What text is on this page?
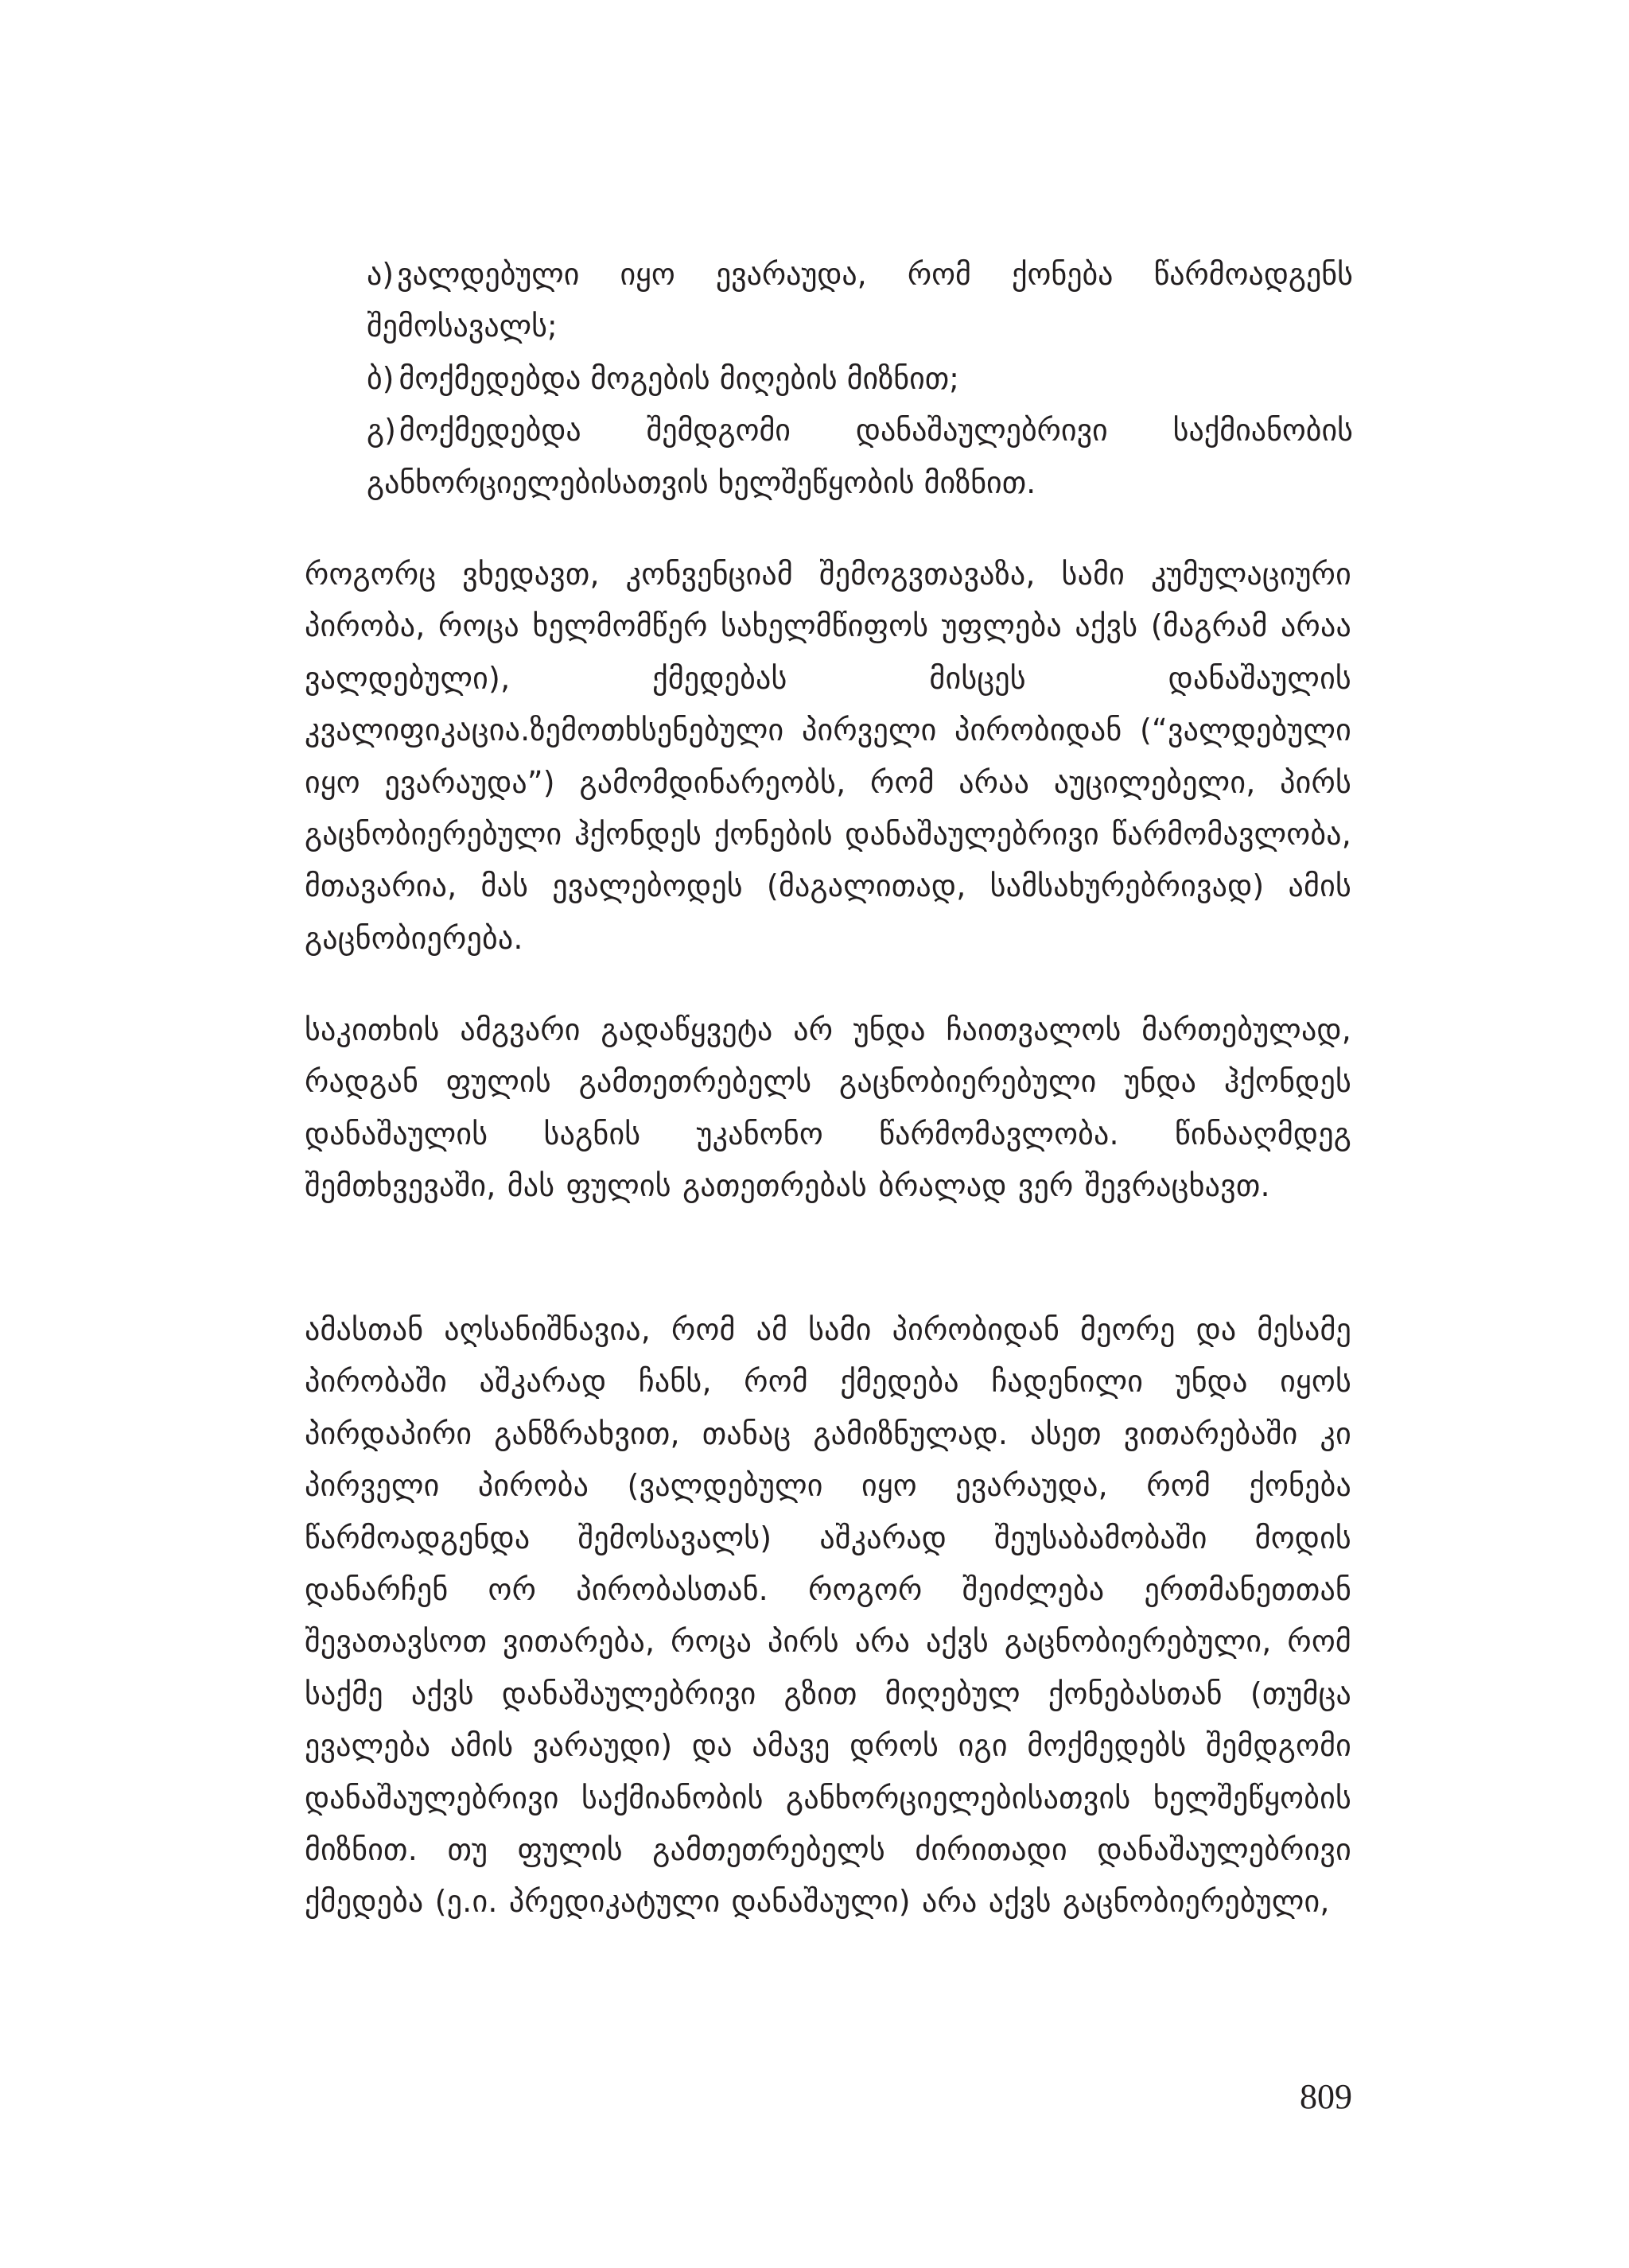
ა) ვალდებული იყო ევარაუდა, რომ ქონება წარმოადგენს შემოსავალს;
ბ) მოქმედებდა მოგების მიღების მიზნით;
გ) მოქმედებდა შემდგომი დანაშაულებრივი საქმიანობის განხორციელებისათვის ხელშეწყობის მიზნით.

როგორც ვხედავთ, კონვენციამ შემოგვთავაზა, სამი კუმულაციური პირობა, როცა ხელმომწერ სახელმწიფოს უფლება აქვს (მაგრამ არაა ვალდებული), ქმედებას მისცეს დანაშაულის კვალიფიკაცია.ზემოთხსენებული პირველი პირობიდან (“ვალდებული იყო ევარაუდა”) გამომდინარეობს, რომ არაა აუცილებელი, პირს გაცნობიერებული ჰქონდეს ქონების დანაშაულებრივი წარმომავლობა, მთავარია, მას ევალებოდეს (მაგალითად, სამსახურებრივად) ამის გაცნობიერება.

საკითხის ამგვარი გადაწყვეტა არ უნდა ჩაითვალოს მართებულად, რადგან ფულის გამთეთრებელს გაცნობიერებული უნდა ჰქონდეს დანაშაულის საგნის უკანონო წარმომავლობა. წინააღმდეგ შემთხვევაში, მას ფულის გათეთრებას ბრალად ვერ შევრაცხავთ.

ამასთან აღსანიშნავია, რომ ამ სამი პირობიდან მეორე და მესამე პირობაში აშკარად ჩანს, რომ ქმედება ჩადენილი უნდა იყოს პირდაპირი განზრახვით, თანაც გამიზნულად. ასეთ ვითარებაში კი პირველი პირობა (ვალდებული იყო ევარაუდა, რომ ქონება წარმოადგენდა შემოსავალს) აშკარად შეუსაბამობაში მოდის დანარჩენ ორ პირობასთან. როგორ შეიძლება ერთმანეთთან შევათავსოთ ვითარება, როცა პირს არა აქვს გაცნობიერებული, რომ საქმე აქვს დანაშაულებრივი გზით მიღებულ ქონებასთან (თუმცა ევალება ამის ვარაუდი) და ამავე დროს იგი მოქმედებს შემდგომი დანაშაულებრივი საქმიანობის განხორციელებისათვის ხელშეწყობის მიზნით. თუ ფულის გამთეთრებელს ძირითადი დანაშაულებრივი ქმედება (ე.ი. პრედიკატული დანაშაული) არა აქვს გაცნობიერებული,

809
